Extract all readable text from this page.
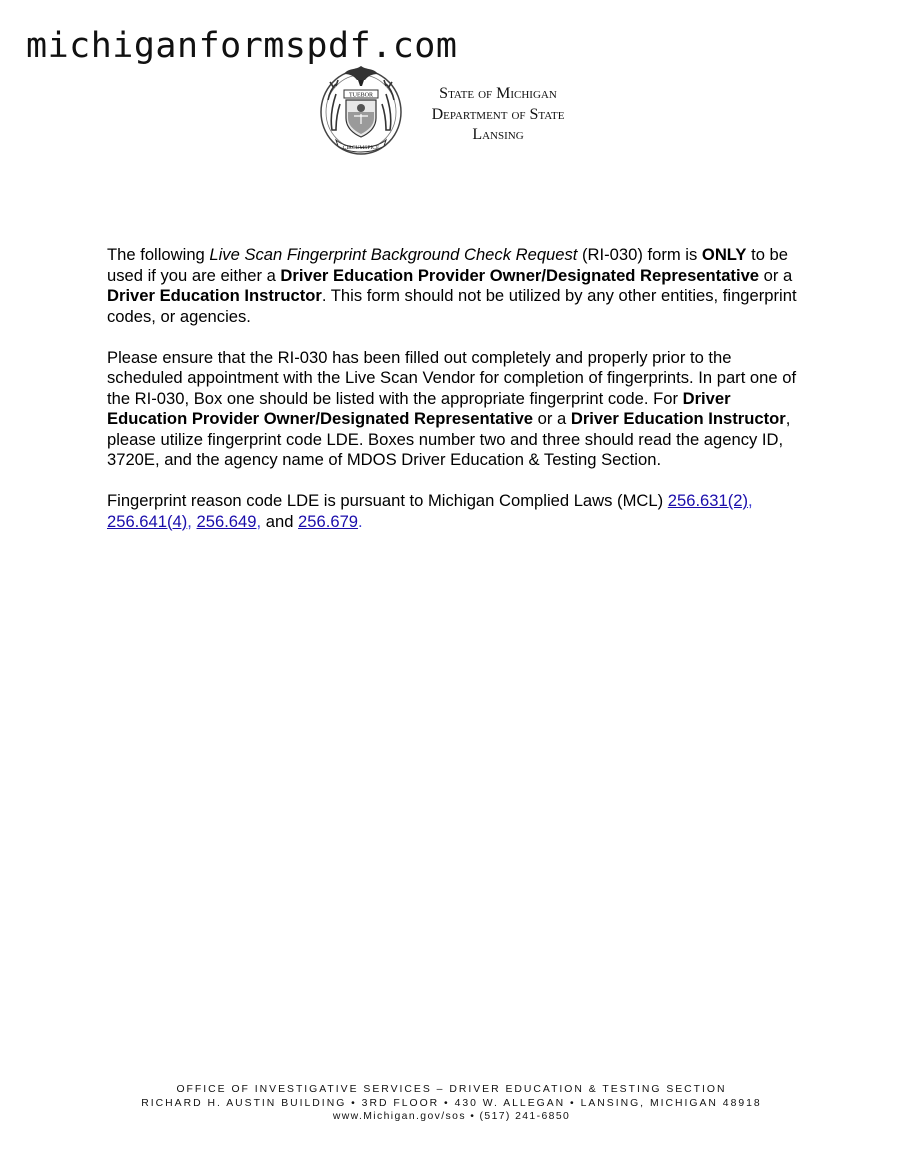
michiganformspdf.com
TUEBOR
CIRCUMSPICE
State of Michigan
Department of State
Lansing

The following Live Scan Fingerprint Background Check Request (RI-030) form is ONLY to be used if you are either a Driver Education Provider Owner/Designated Representative or a Driver Education Instructor. This form should not be utilized by any other entities, fingerprint codes, or agencies.

Please ensure that the RI-030 has been filled out completely and properly prior to the scheduled appointment with the Live Scan Vendor for completion of fingerprints. In part one of the RI-030, Box one should be listed with the appropriate fingerprint code. For Driver Education Provider Owner/Designated Representative or a Driver Education Instructor, please utilize fingerprint code LDE. Boxes number two and three should read the agency ID, 3720E, and the agency name of MDOS Driver Education & Testing Section.

Fingerprint reason code LDE is pursuant to Michigan Complied Laws (MCL) 256.631(2), 256.641(4), 256.649, and 256.679.

OFFICE OF INVESTIGATIVE SERVICES – DRIVER EDUCATION & TESTING SECTION
RICHARD H. AUSTIN BUILDING • 3RD FLOOR • 430 W. ALLEGAN • LANSING, MICHIGAN 48918
www.Michigan.gov/sos • (517) 241-6850
